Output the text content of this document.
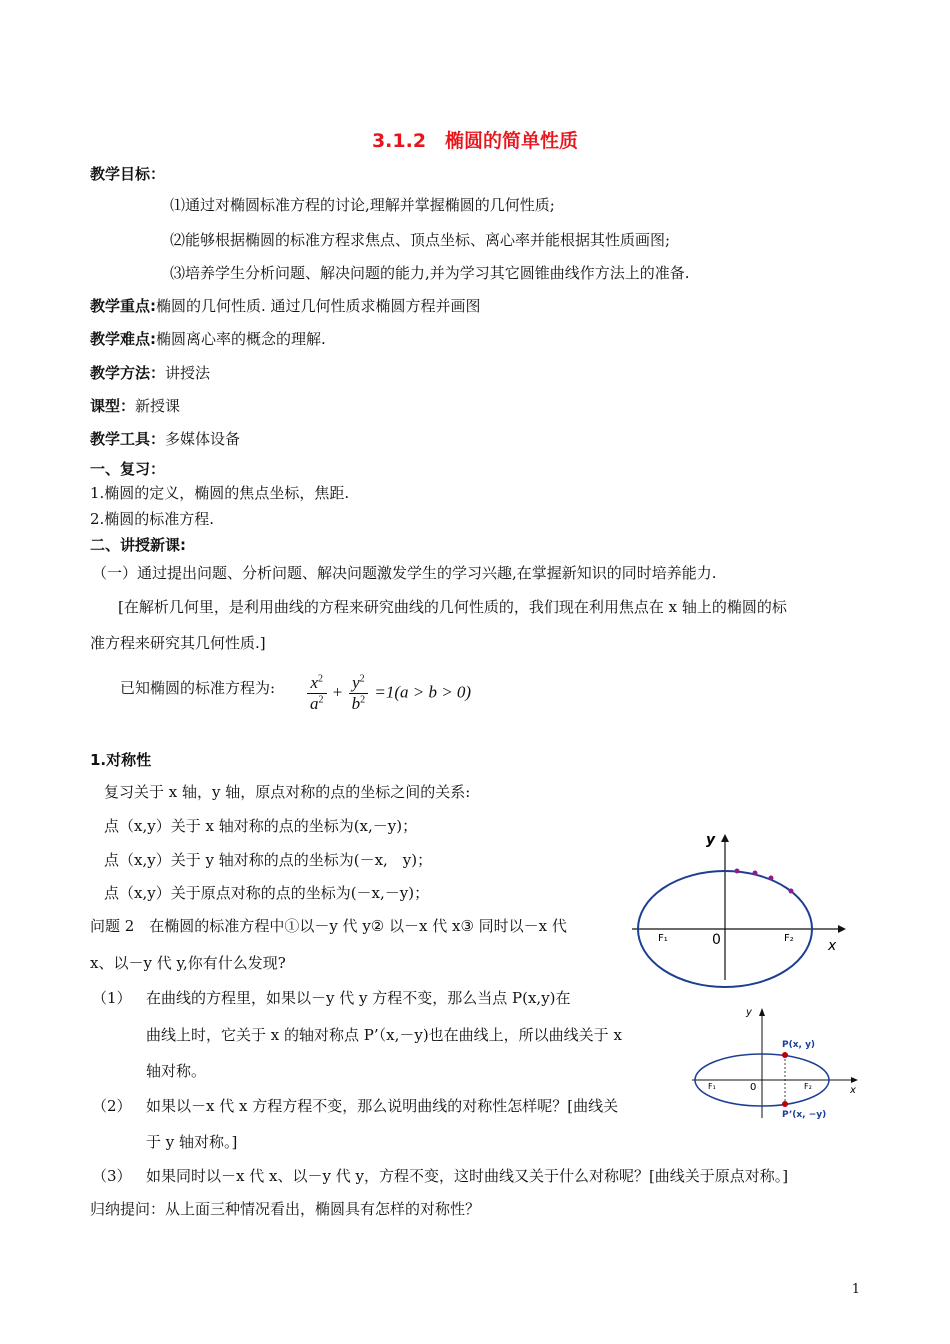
3.1.2　椭圆的简单性质
教学目标：
⑴通过对椭圆标准方程的讨论,理解并掌握椭圆的几何性质;
⑵能够根据椭圆的标准方程求焦点、顶点坐标、离心率并能根据其性质画图;
⑶培养学生分析问题、解决问题的能力,并为学习其它圆锥曲线作方法上的准备.
教学重点:椭圆的几何性质. 通过几何性质求椭圆方程并画图
教学难点:椭圆离心率的概念的理解.
教学方法：讲授法
课型：新授课
教学工具：多媒体设备
一、复习：
1.椭圆的定义，椭圆的焦点坐标，焦距.
2.椭圆的标准方程.
二、讲授新课:
（一）通过提出问题、分析问题、解决问题激发学生的学习兴趣,在掌握新知识的同时培养能力.
[在解析几何里，是利用曲线的方程来研究曲线的几何性质的，我们现在利用焦点在 x 轴上的椭圆的标
准方程来研究其几何性质.]
已知椭圆的标准方程为: $\frac{x^2}{a^2} + \frac{y^2}{b^2} =1(a > b > 0)$
1.对称性
复习关于 x 轴，y 轴，原点对称的点的坐标之间的关系:
点（x,y）关于 x 轴对称的点的坐标为(x,－y)；
点（x,y）关于 y 轴对称的点的坐标为(－x,　y)；
点（x,y）关于原点对称的点的坐标为(－x,－y)；
问题 2　在椭圆的标准方程中①以－y 代 y② 以－x 代 x③ 同时以－x 代
x、以－y 代 y,你有什么发现?
（1） 在曲线的方程里，如果以－y 代 y 方程不变，那么当点 P(x,y)在
曲线上时，它关于 x 的轴对称点 P’（x,－y)也在曲线上，所以曲线关于 x
轴对称。
（2） 如果以－x 代 x 方程方程不变，那么说明曲线的对称性怎样呢？[曲线关
于 y 轴对称。]
（3） 如果同时以－x 代 x、以－y 代 y，方程不变，这时曲线又关于什么对称呢？[曲线关于原点对称。]
归纳提问：从上面三种情况看出，椭圆具有怎样的对称性？
y
x
0
F₁	F₂
y
x
0
F₁	F₂
P(x, y)
P’(x, −y)
1
